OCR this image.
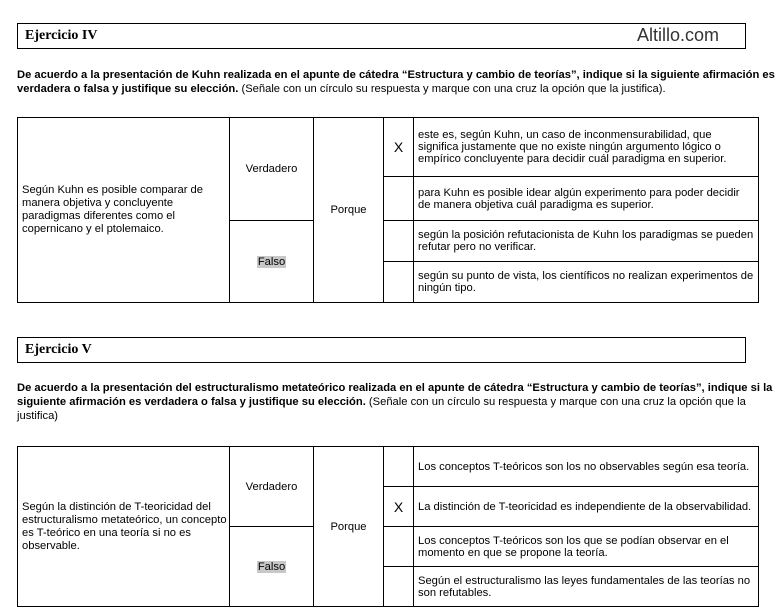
Ejercicio IV	Altillo.com
De acuerdo a la presentación de Kuhn realizada en el apunte de cátedra “Estructura y cambio de teorías”, indique si la siguiente afirmación es verdadera o falsa y justifique su elección. (Señale con un círculo su respuesta y marque con una cruz la opción que la justifica).
Según Kuhn es posible comparar de manera objetiva y concluyente paradigmas diferentes como el copernicano y el ptolemaico.	Verdadero	Porque	X	este es, según Kuhn, un caso de inconmensurabilidad, que significa justamente que no existe ningún argumento lógico o empírico concluyente para decidir cuál paradigma en superior.
				para Kuhn es posible idear algún experimento para poder decidir de manera objetiva cuál paradigma es superior.
	Falso			según la posición refutacionista de Kuhn los paradigmas se pueden refutar pero no verificar.
				según su punto de vista, los científicos no realizan experimentos de ningún tipo.
Ejercicio V
De acuerdo a la presentación del estructuralismo metateórico realizada en el apunte de cátedra “Estructura y cambio de teorías”, indique si la siguiente afirmación es verdadera o falsa y justifique su elección. (Señale con un círculo su respuesta y marque con una cruz la opción que la justifica)
Según la distinción de T-teoricidad del estructuralismo metateórico, un concepto es T-teórico en una teoría si no es observable.	Verdadero	Porque		Los conceptos T-teóricos son los no observables según esa teoría.
			X	La distinción de T-teoricidad es independiente de la observabilidad.
	Falso			Los conceptos T-teóricos son los que se podían observar en el momento en que se propone la teoría.
				Según el estructuralismo las leyes fundamentales de las teorías no son refutables.
